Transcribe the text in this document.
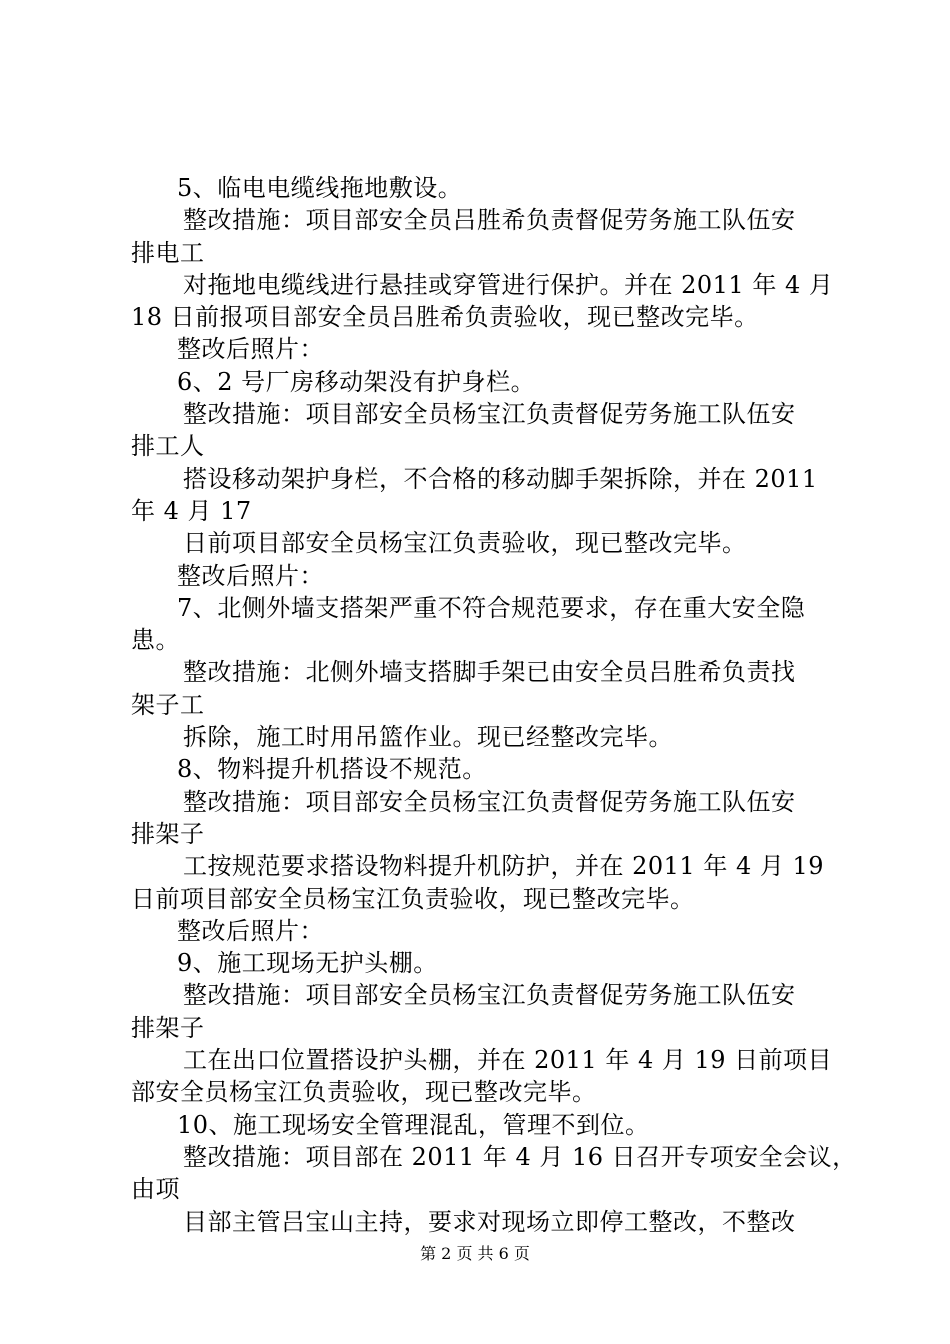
5、临电电缆线拖地敷设。
整改措施：项目部安全员吕胜希负责督促劳务施工队伍安
排电工
对拖地电缆线进行悬挂或穿管进行保护。并在 2011 年 4 月
18 日前报项目部安全员吕胜希负责验收，现已整改完毕。
整改后照片：
6、2 号厂房移动架没有护身栏。
整改措施：项目部安全员杨宝江负责督促劳务施工队伍安
排工人
搭设移动架护身栏，不合格的移动脚手架拆除，并在 2011
年 4 月 17
日前项目部安全员杨宝江负责验收，现已整改完毕。
整改后照片：
7、北侧外墙支搭架严重不符合规范要求，存在重大安全隐
患。
整改措施：北侧外墙支搭脚手架已由安全员吕胜希负责找
架子工
拆除，施工时用吊篮作业。现已经整改完毕。
8、物料提升机搭设不规范。
整改措施：项目部安全员杨宝江负责督促劳务施工队伍安
排架子
工按规范要求搭设物料提升机防护，并在 2011 年 4 月 19
日前项目部安全员杨宝江负责验收，现已整改完毕。
整改后照片：
9、施工现场无护头棚。
整改措施：项目部安全员杨宝江负责督促劳务施工队伍安
排架子
工在出口位置搭设护头棚，并在 2011 年 4 月 19 日前项目
部安全员杨宝江负责验收，现已整改完毕。
10、施工现场安全管理混乱，管理不到位。
整改措施：项目部在 2011 年 4 月 16 日召开专项安全会议，
由项
目部主管吕宝山主持，要求对现场立即停工整改，不整改
第 2 页 共 6 页
